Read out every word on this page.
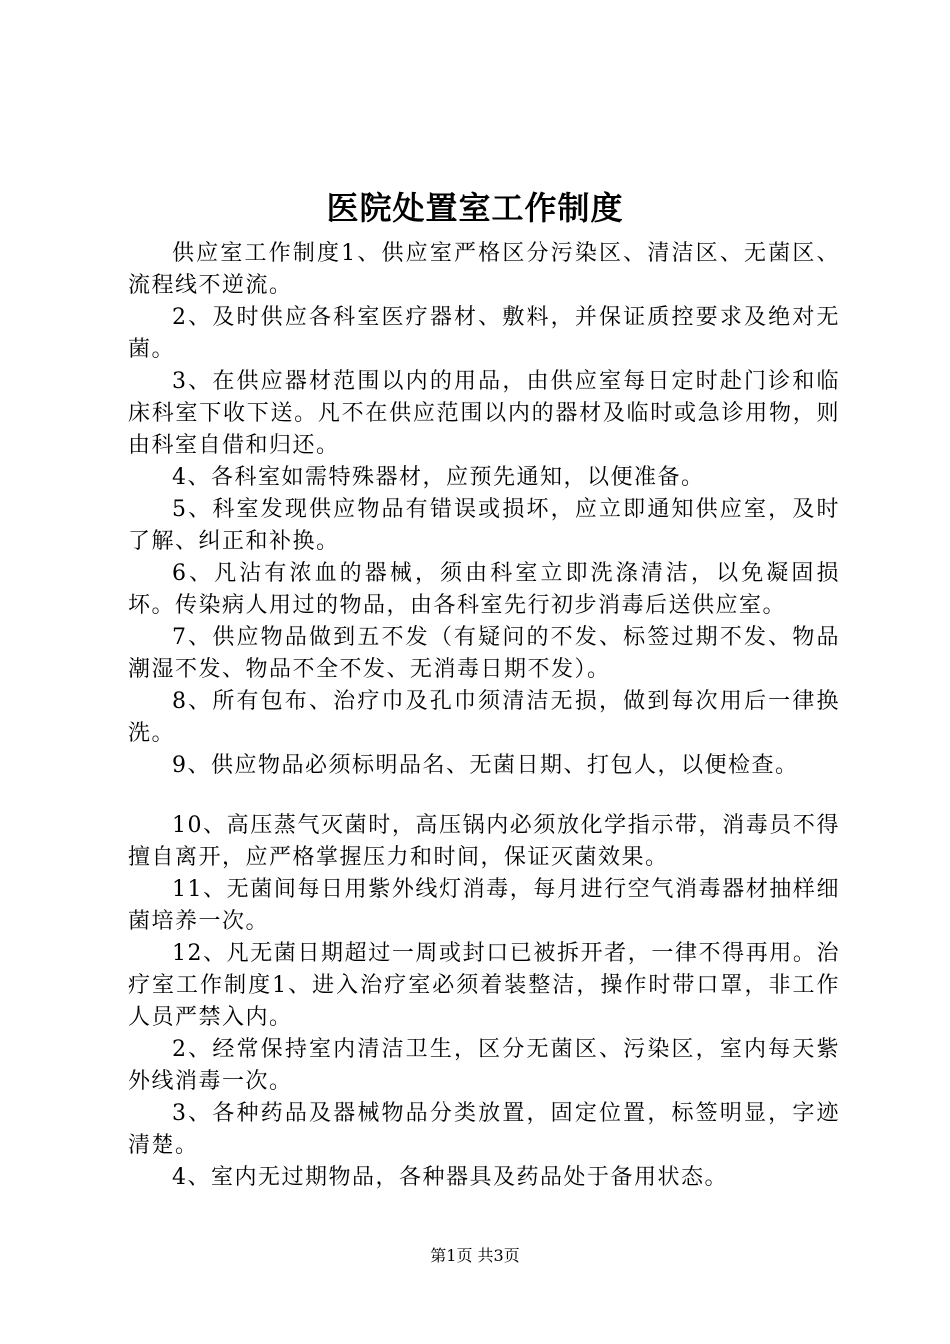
医院处置室工作制度

供应室工作制度1、供应室严格区分污染区、清洁区、无菌区、流程线不逆流。

2、及时供应各科室医疗器材、敷料，并保证质控要求及绝对无菌。

3、在供应器材范围以内的用品，由供应室每日定时赴门诊和临床科室下收下送。凡不在供应范围以内的器材及临时或急诊用物，则由科室自借和归还。

4、各科室如需特殊器材，应预先通知，以便准备。

5、科室发现供应物品有错误或损坏，应立即通知供应室，及时了解、纠正和补换。

6、凡沾有浓血的器械，须由科室立即洗涤清洁，以免凝固损坏。传染病人用过的物品，由各科室先行初步消毒后送供应室。

7、供应物品做到五不发（有疑问的不发、标签过期不发、物品潮湿不发、物品不全不发、无消毒日期不发）。

8、所有包布、治疗巾及孔巾须清洁无损，做到每次用后一律换洗。

9、供应物品必须标明品名、无菌日期、打包人，以便检查。

10、高压蒸气灭菌时，高压锅内必须放化学指示带，消毒员不得擅自离开，应严格掌握压力和时间，保证灭菌效果。

11、无菌间每日用紫外线灯消毒，每月进行空气消毒器材抽样细菌培养一次。

12、凡无菌日期超过一周或封口已被拆开者，一律不得再用。治疗室工作制度1、进入治疗室必须着装整洁，操作时带口罩，非工作人员严禁入内。

2、经常保持室内清洁卫生，区分无菌区、污染区，室内每天紫外线消毒一次。

3、各种药品及器械物品分类放置，固定位置，标签明显，字迹清楚。

4、室内无过期物品，各种器具及药品处于备用状态。

第1页 共3页
